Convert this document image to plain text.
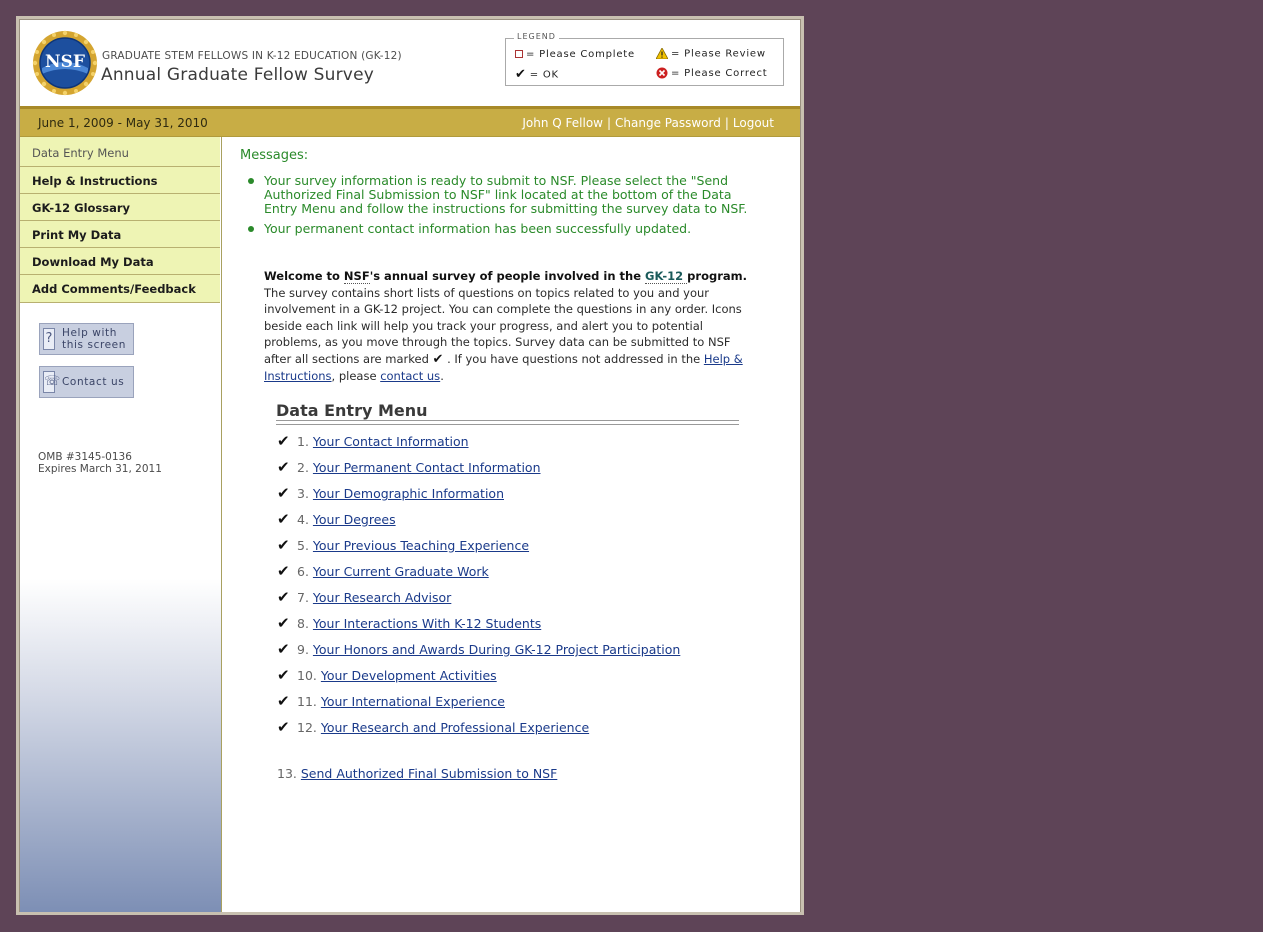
NSF	GRADUATE STEM FELLOWS IN K-12 EDUCATION (GK-12)
Annual Graduate Fellow Survey
LEGEND
= Please Complete	= Please Review
✔ = OK	= Please Correct
June 1, 2009 - May 31, 2010	John Q Fellow | Change Password | Logout
Data Entry Menu
Help & Instructions
GK-12 Glossary
Print My Data
Download My Data
Add Comments/Feedback
? Help with
this screen
☏ Contact us
OMB #3145-0136
Expires March 31, 2011
Messages:
Your survey information is ready to submit to NSF. Please select the "Send Authorized Final Submission to NSF" link located at the bottom of the Data Entry Menu and follow the instructions for submitting the survey data to NSF.
Your permanent contact information has been successfully updated.
Welcome to NSF's annual survey of people involved in the GK-12 program. The survey contains short lists of questions on topics related to you and your involvement in a GK-12 project. You can complete the questions in any order. Icons beside each link will help you track your progress, and alert you to potential problems, as you move through the topics. Survey data can be submitted to NSF after all sections are marked ✔ . If you have questions not addressed in the Help & Instructions, please contact us.
Data Entry Menu
✔ 1. Your Contact Information
✔ 2. Your Permanent Contact Information
✔ 3. Your Demographic Information
✔ 4. Your Degrees
✔ 5. Your Previous Teaching Experience
✔ 6. Your Current Graduate Work
✔ 7. Your Research Advisor
✔ 8. Your Interactions With K-12 Students
✔ 9. Your Honors and Awards During GK-12 Project Participation
✔ 10. Your Development Activities
✔ 11. Your International Experience
✔ 12. Your Research and Professional Experience
13. Send Authorized Final Submission to NSF
